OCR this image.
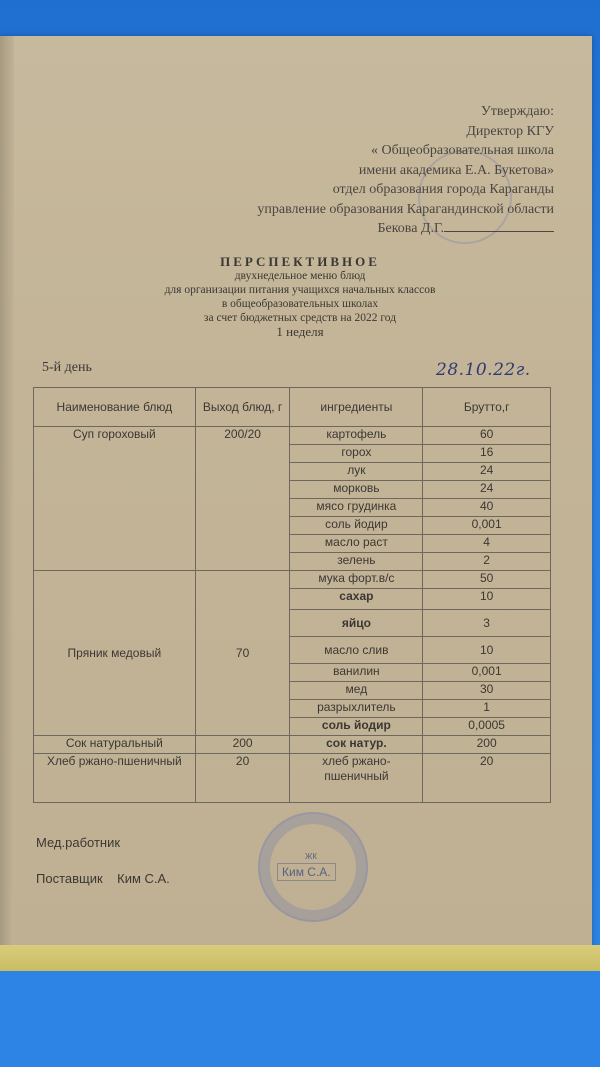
Утверждаю:
Директор КГУ
« Общеобразовательная школа
имени академика Е.А. Букетова»
отдел образования города Караганды
управление образования Карагандинской области
Бекова Д.Г.
ПЕРСПЕКТИВНОЕ
двухнедельное меню блюд
для организации питания учащихся начальных классов
в общеобразовательных школах
за счет бюджетных средств на 2022 год
1 неделя
5-й день	28.10.22г.
Наименование блюд	Выход блюд, г	ингредиенты	Брутто,г
Суп гороховый	200/20	картофель	60
		горох	16
		лук	24
		морковь	24
		мясо грудинка	40
		соль йодир	0,001
		масло раст	4
		зелень	2
Пряник медовый	70	мука форт.в/с	50
		сахар	10
		яйцо	3
		масло слив	10
		ванилин	0,001
		мед	30
		разрыхлитель	1
		соль йодир	0,0005
Сок натуральный	200	сок натур.	200
Хлеб ржано-пшеничный	20	хлеб ржано-пшеничный	20
Мед.работник
Поставщик Ким С.А.
ЖК
Ким С.А.
